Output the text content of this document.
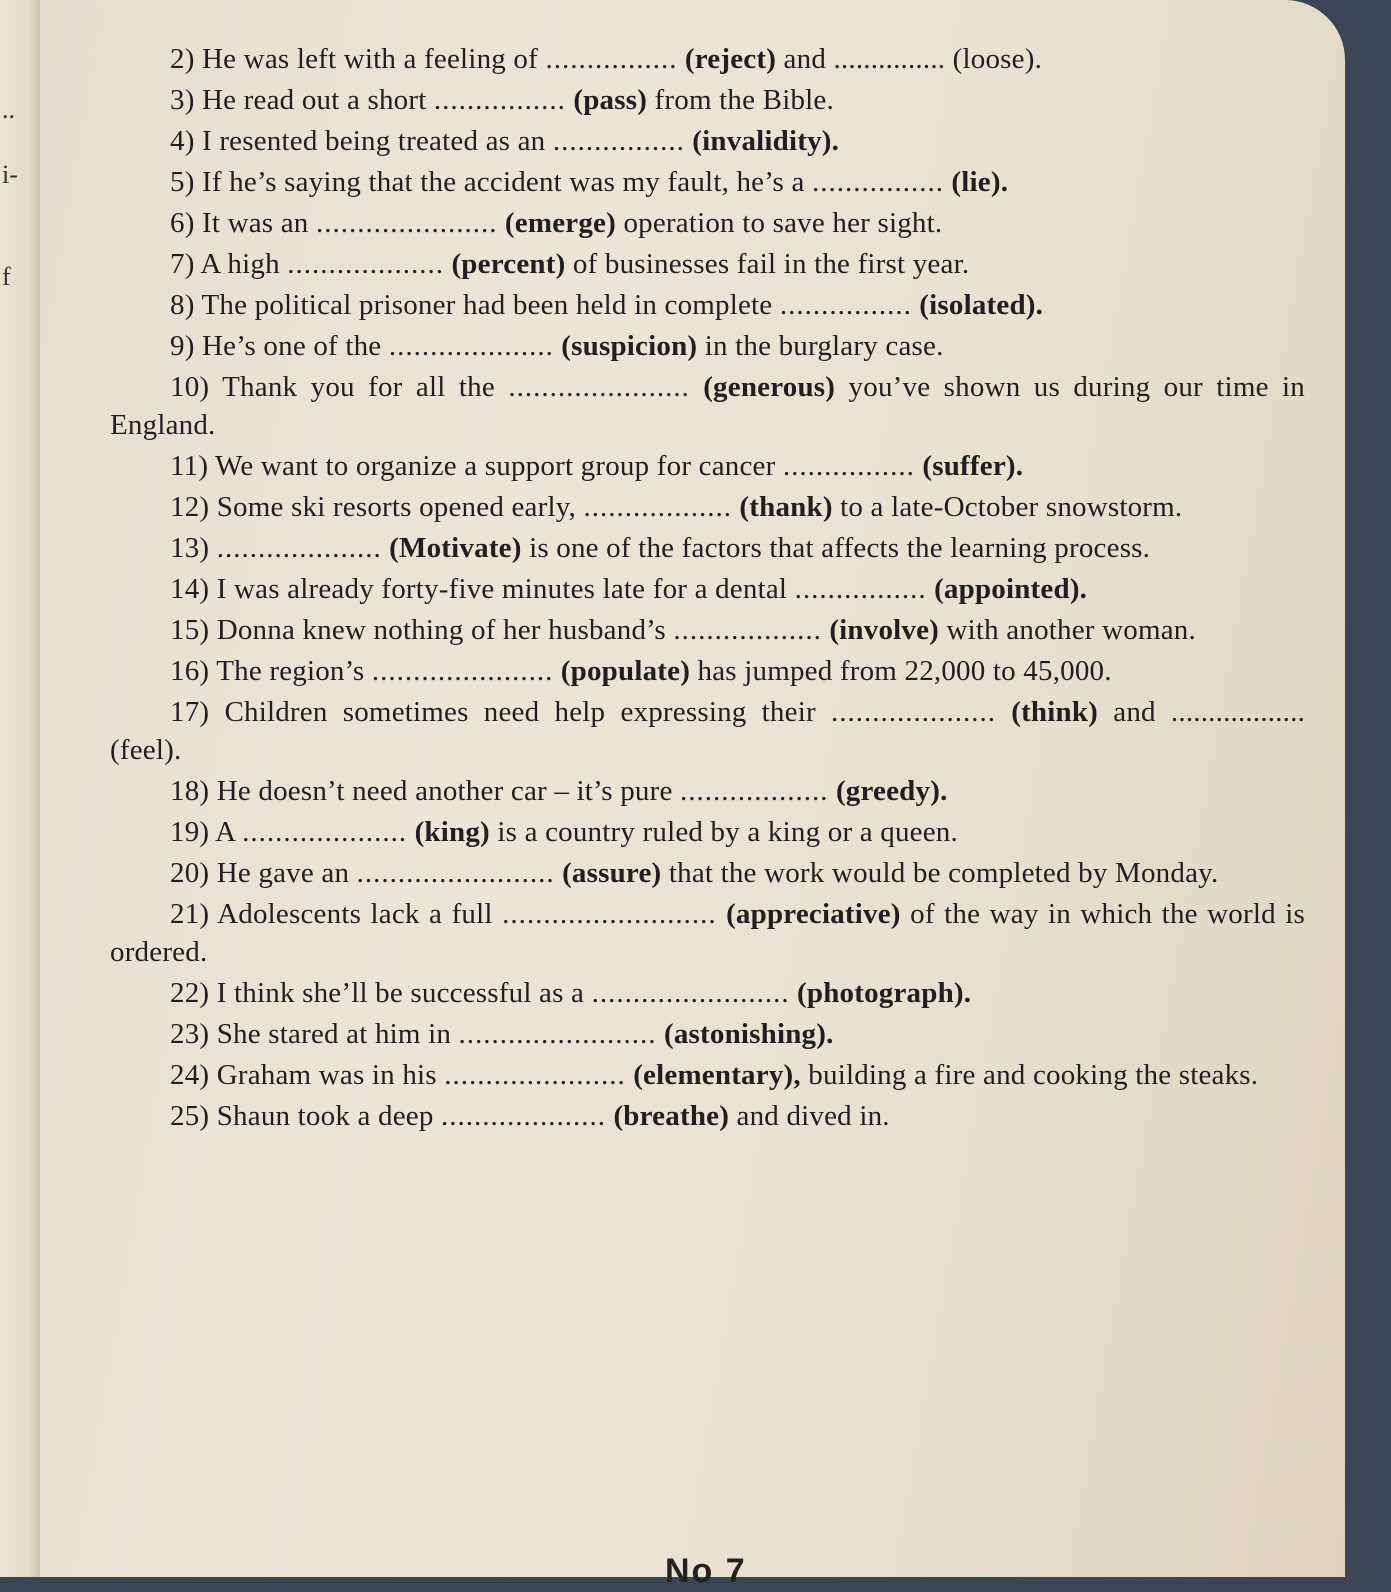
..
i-
f

2) He was left with a feeling of ................ (reject) and ............... (loose).

3) He read out a short ................ (pass) from the Bible.

4) I resented being treated as an ................ (invalidity).

5) If he’s saying that the accident was my fault, he’s a ................ (lie).

6) It was an ...................... (emerge) operation to save her sight.

7) A high ................... (percent) of businesses fail in the first year.

8) The political prisoner had been held in complete ................ (isolated).

9) He’s one of the .................... (suspicion) in the burglary case.

10) Thank you for all the ...................... (generous) you’ve shown us during our time in England.

11) We want to organize a support group for cancer ................ (suffer).

12) Some ski resorts opened early, .................. (thank) to a late-October snowstorm.

13) .................... (Motivate) is one of the factors that affects the learning process.

14) I was already forty-five minutes late for a dental ................ (appointed).

15) Donna knew nothing of her husband’s .................. (involve) with another woman.

16) The region’s ...................... (populate) has jumped from 22,000 to 45,000.

17) Children sometimes need help expressing their .................... (think) and .................. (feel).

18) He doesn’t need another car – it’s pure .................. (greedy).

19) A .................... (king) is a country ruled by a king or a queen.

20) He gave an ........................ (assure) that the work would be completed by Monday.

21) Adolescents lack a full .......................... (appreciative) of the way in which the world is ordered.

22) I think she’ll be successful as a ........................ (photograph).

23) She stared at him in ........................ (astonishing).

24) Graham was in his ...................... (elementary), building a fire and cooking the steaks.

25) Shaun took a deep .................... (breathe) and dived in.

No 7
